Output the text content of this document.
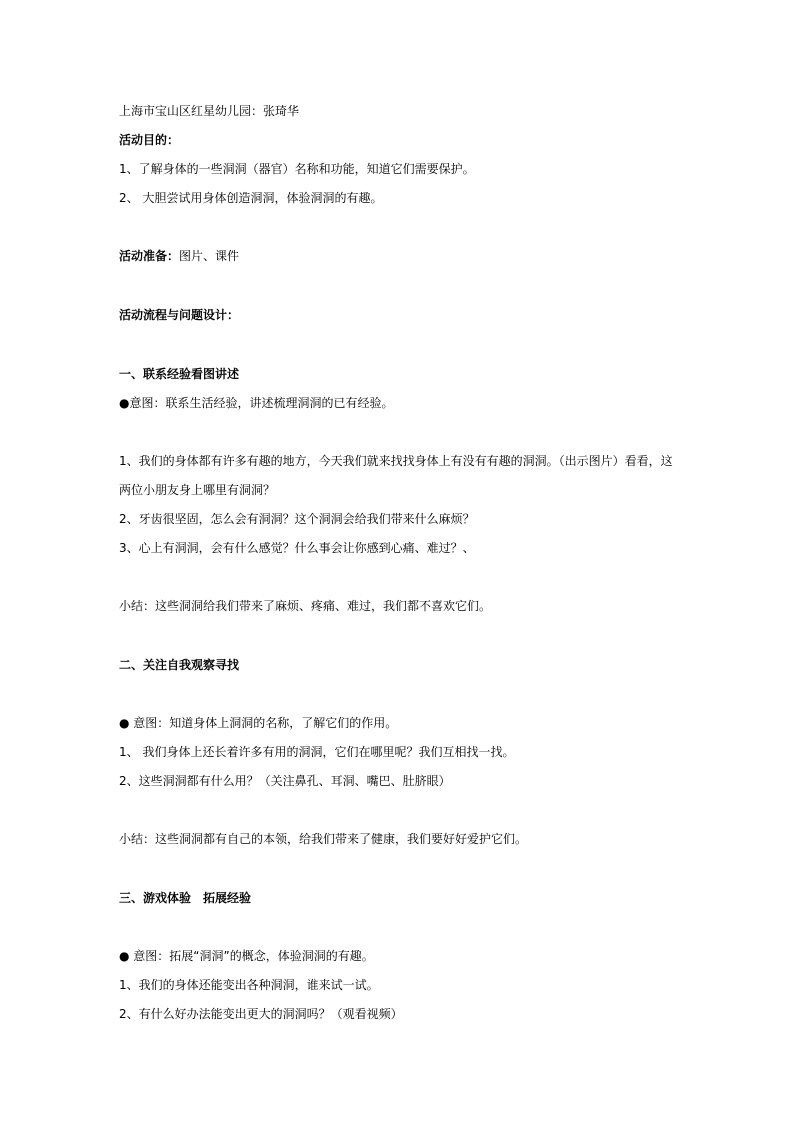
上海市宝山区红星幼儿园：张琦华
活动目的：
1、了解身体的一些洞洞（器官）名称和功能，知道它们需要保护。
2、 大胆尝试用身体创造洞洞，体验洞洞的有趣。
活动准备：图片、课件
活动流程与问题设计：
一、联系经验看图讲述
●意图：联系生活经验，讲述梳理洞洞的已有经验。
1、我们的身体都有许多有趣的地方，今天我们就来找找身体上有没有有趣的洞洞。（出示图片）看看，这
两位小朋友身上哪里有洞洞？
2、牙齿很坚固，怎么会有洞洞？这个洞洞会给我们带来什么麻烦？
3、心上有洞洞，会有什么感觉？什么事会让你感到心痛、难过？、
小结：这些洞洞给我们带来了麻烦、疼痛、难过，我们都不喜欢它们。
二、关注自我观察寻找
● 意图：知道身体上洞洞的名称，了解它们的作用。
1、 我们身体上还长着许多有用的洞洞，它们在哪里呢？我们互相找一找。
2、这些洞洞都有什么用？（关注鼻孔、耳洞、嘴巴、肚脐眼）
小结：这些洞洞都有自己的本领，给我们带来了健康，我们要好好爱护它们。
三、游戏体验　拓展经验
● 意图：拓展“洞洞”的概念，体验洞洞的有趣。
1、我们的身体还能变出各种洞洞，谁来试一试。
2、有什么好办法能变出更大的洞洞吗？（观看视频）
